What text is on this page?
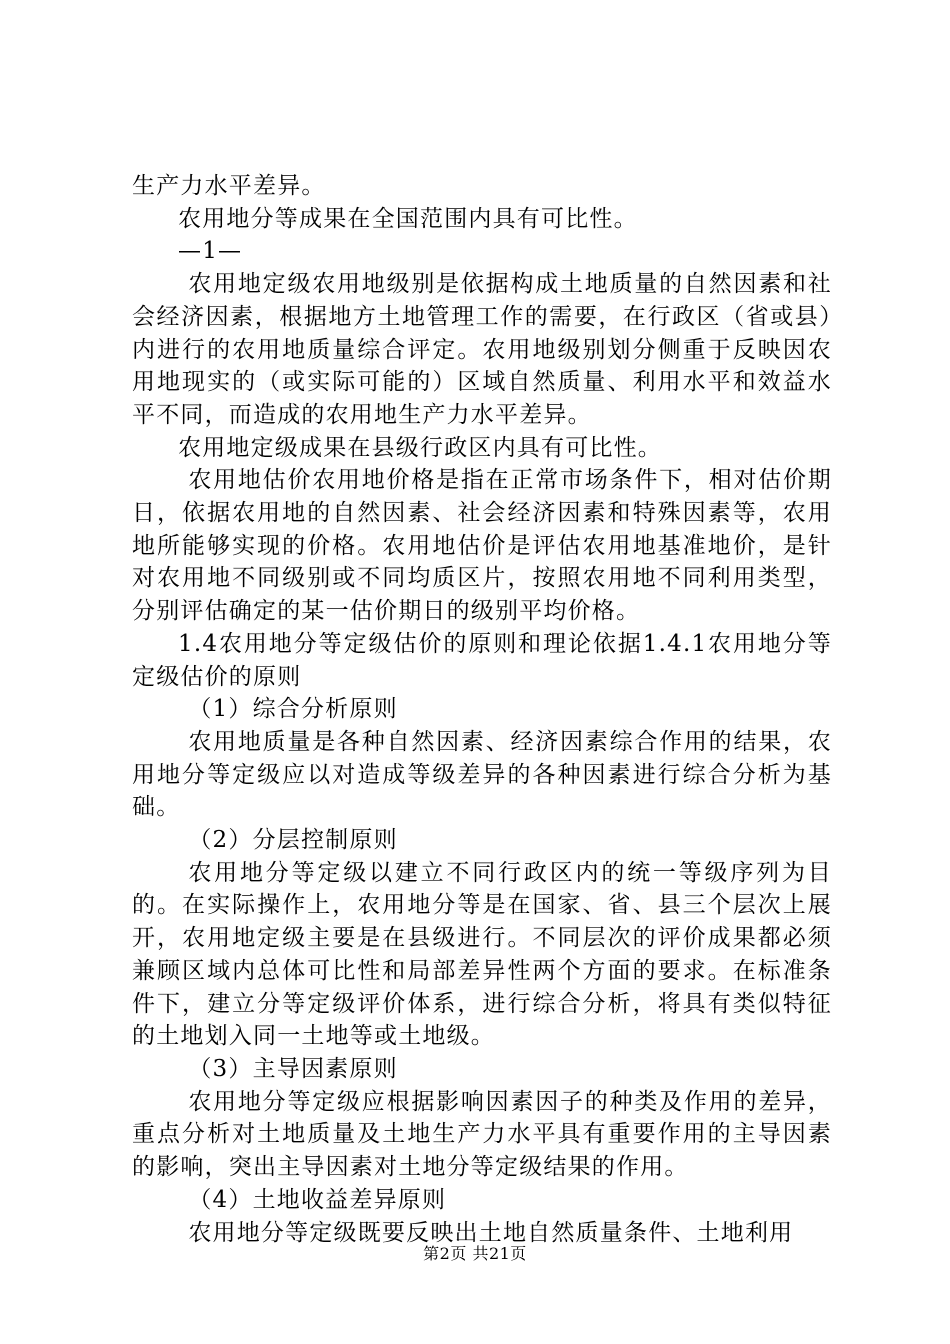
生产力水平差异。

农用地分等成果在全国范围内具有可比性。

—1—

农用地定级农用地级别是依据构成土地质量的自然因素和社会经济因素，根据地方土地管理工作的需要，在行政区（省或县）内进行的农用地质量综合评定。农用地级别划分侧重于反映因农用地现实的（或实际可能的）区域自然质量、利用水平和效益水平不同，而造成的农用地生产力水平差异。

农用地定级成果在县级行政区内具有可比性。

农用地估价农用地价格是指在正常市场条件下，相对估价期日，依据农用地的自然因素、社会经济因素和特殊因素等，农用地所能够实现的价格。农用地估价是评估农用地基准地价，是针对农用地不同级别或不同均质区片，按照农用地不同利用类型，分别评估确定的某一估价期日的级别平均价格。

1.4农用地分等定级估价的原则和理论依据1.4.1农用地分等定级估价的原则

（1）综合分析原则

农用地质量是各种自然因素、经济因素综合作用的结果，农用地分等定级应以对造成等级差异的各种因素进行综合分析为基础。

（2）分层控制原则

农用地分等定级以建立不同行政区内的统一等级序列为目的。在实际操作上，农用地分等是在国家、省、县三个层次上展开，农用地定级主要是在县级进行。不同层次的评价成果都必须兼顾区域内总体可比性和局部差异性两个方面的要求。在标准条件下，建立分等定级评价体系，进行综合分析，将具有类似特征的土地划入同一土地等或土地级。

（3）主导因素原则

农用地分等定级应根据影响因素因子的种类及作用的差异，重点分析对土地质量及土地生产力水平具有重要作用的主导因素的影响，突出主导因素对土地分等定级结果的作用。

（4）土地收益差异原则

农用地分等定级既要反映出土地自然质量条件、土地利用

第2页 共21页
